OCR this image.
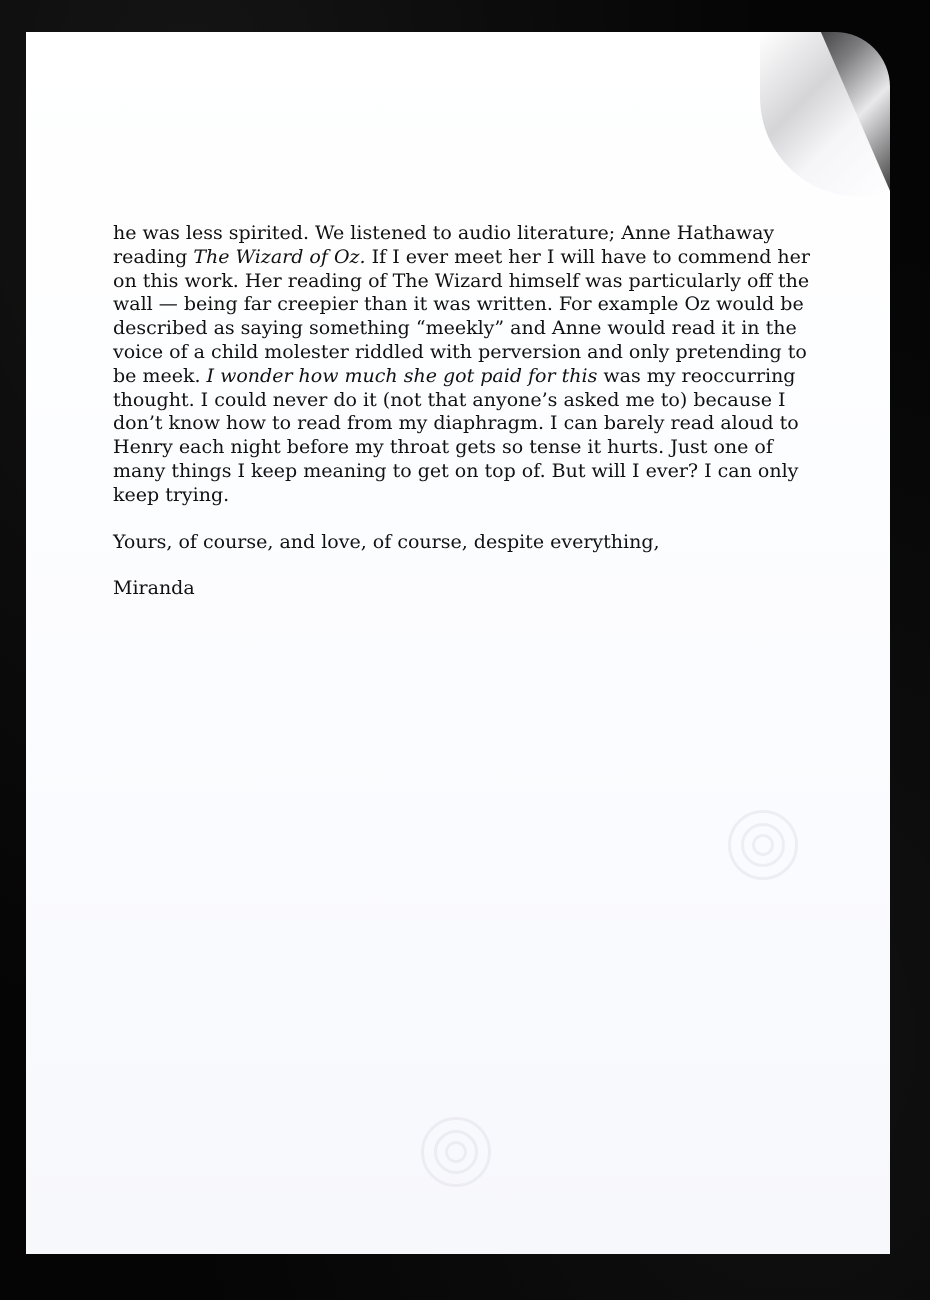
he was less spirited. We listened to audio literature; Anne Hathaway reading The Wizard of Oz. If I ever meet her I will have to commend her on this work. Her reading of The Wizard himself was particularly off the wall — being far creepier than it was written. For example Oz would be described as saying something “meekly” and Anne would read it in the voice of a child molester riddled with perversion and only pretending to be meek. I wonder how much she got paid for this was my reoccurring thought. I could never do it (not that anyone’s asked me to) because I don’t know how to read from my diaphragm. I can barely read aloud to Henry each night before my throat gets so tense it hurts. Just one of many things I keep meaning to get on top of. But will I ever? I can only keep trying.

Yours, of course, and love, of course, despite everything,

Miranda
